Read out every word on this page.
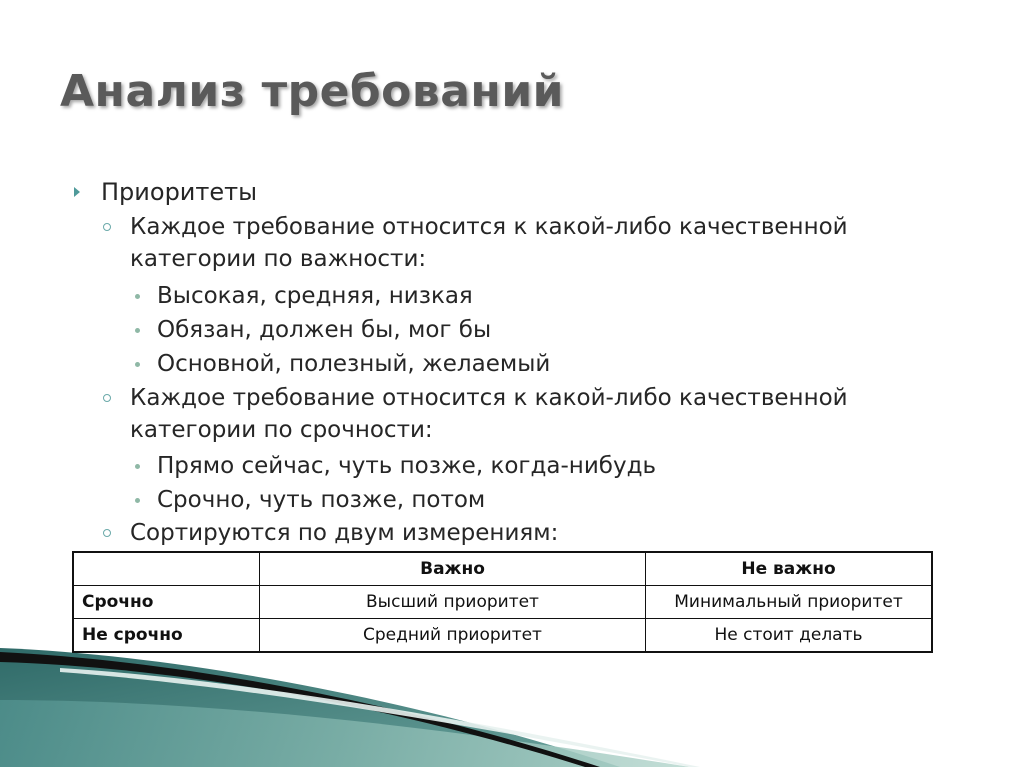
Анализ требований
Приоритеты
Каждое требование относится к какой-либо качественной
категории по важности:
Высокая, средняя, низкая
Обязан, должен бы, мог бы
Основной, полезный, желаемый
Каждое требование относится к какой-либо качественной
категории по срочности:
Прямо сейчас, чуть позже, когда-нибудь
Срочно, чуть позже, потом
Сортируются по двум измерениям:
	Важно	Не важно
Срочно	Высший приоритет	Минимальный приоритет
Не срочно	Средний приоритет	Не стоит делать
